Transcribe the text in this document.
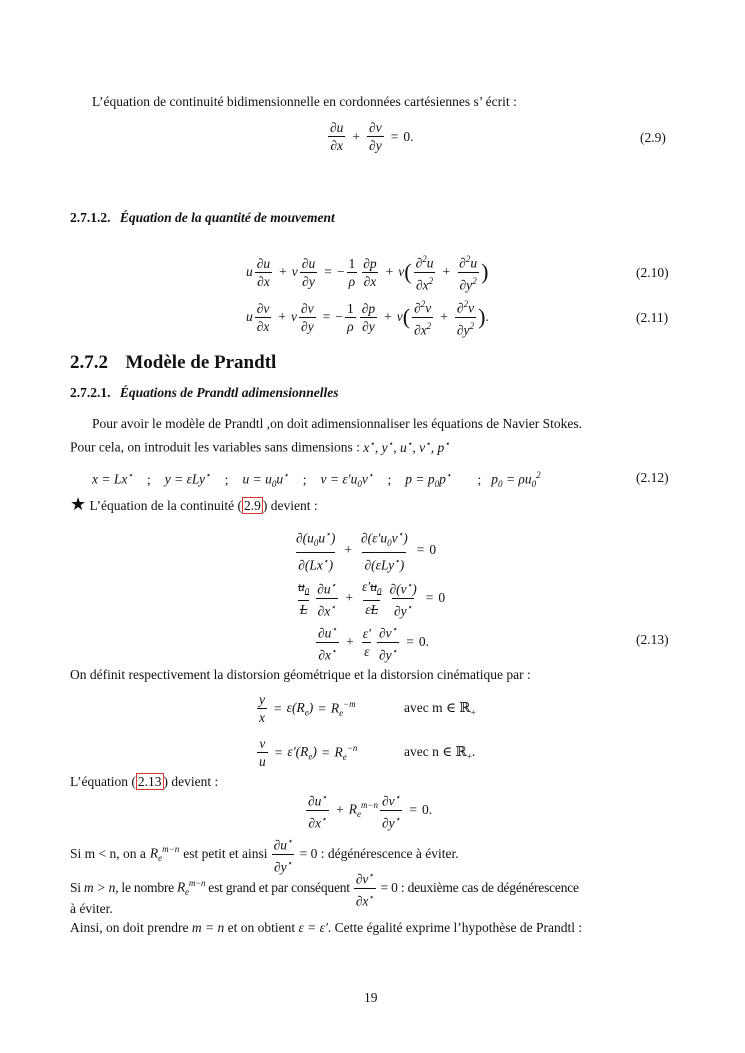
L’équation de continuité bidimensionnelle en cordonnées cartésiennes s’ écrit :
$\frac{\partial u}{\partial x} + \frac{\partial v}{\partial y} = 0$.	(2.9)
2.7.1.2. Équation de la quantité de mouvement
u $\frac{\partial u}{\partial x} + v \frac{\partial u}{\partial y}$ = − $\frac{1}{\rho} \frac{\partial p}{\partial x} + \nu$ ( $\frac{\partial^2u}{\partial x^2} + \frac{\partial^2u}{\partial y^2}$ )	(2.10)
u $\frac{\partial v}{\partial x} + v \frac{\partial v}{\partial y}$ = − $\frac{1}{\rho} \frac{\partial p}{\partial y} + \nu$ ( $\frac{\partial^2v}{\partial x^2} + \frac{\partial^2v}{\partial y^2}$ ) .	(2.11)
2.7.2 Modèle de Prandtl
2.7.2.1. Équations de Prandtl adimensionnelles
Pour avoir le modèle de Prandtl ,on doit adimensionnaliser les équations de Navier Stokes.
Pour cela, on introduit les variables sans dimensions : x⋆, y⋆, u⋆, v⋆, p⋆
x = Lx⋆ ; y = εLy⋆ ; $u = u_0u^⋆$ ; $v = \varepsilon'u_0v^⋆$ ; $p = p_0p^⋆$ ; $p_0 = \rho u_0^2$	(2.12)
★ L’équation de la continuité ( 2.9 ) devient :
$\frac{\partial(u_0u^⋆)}{\partial(Lx^⋆)} + \frac{\partial(\varepsilon'u_0v^⋆)}{\partial(\varepsilon Ly^⋆)} = 0$
$\frac{u_0}{L} \frac{\partial u^⋆}{\partial x^⋆} + \frac{\varepsilon'u_0}{\varepsilon L} \frac{\partial(v^⋆)}{\partial y^⋆} = 0$
$\frac{\partial u^⋆}{\partial x^⋆} + \frac{\varepsilon'}{\varepsilon} \frac{\partial v^⋆}{\partial y^⋆} = 0$.	(2.13)
On définit respectivement la distorsion géométrique et la distorsion cinématique par :
$\frac{y}{x} = \varepsilon(R_e) = R_e^{-m}$	avec m ∈ ℝ$_+$
$\frac{v}{u} = \varepsilon'(R_e) = R_e^{-n}$	avec n ∈ ℝ$_+$.
L’équation ( 2.13 ) devient :
$\frac{\partial u^⋆}{\partial x^⋆} + R_e^{m-n} \frac{\partial v^⋆}{\partial y^⋆} = 0$.
Si m < n, on a $R_e^{m-n}$ est petit et ainsi $\frac{\partial u^⋆}{\partial y^⋆} = 0$ : dégénérescence à éviter.
Si m > n, le nombre $R_e^{m-n}$ est grand et par conséquent $\frac{\partial v^⋆}{\partial x^⋆} = 0$ : deuxième cas de dégénérescence
à éviter.
Ainsi, on doit prendre m = n et on obtient ε = ε′. Cette égalité exprime l’hypothèse de Prandtl :
19
